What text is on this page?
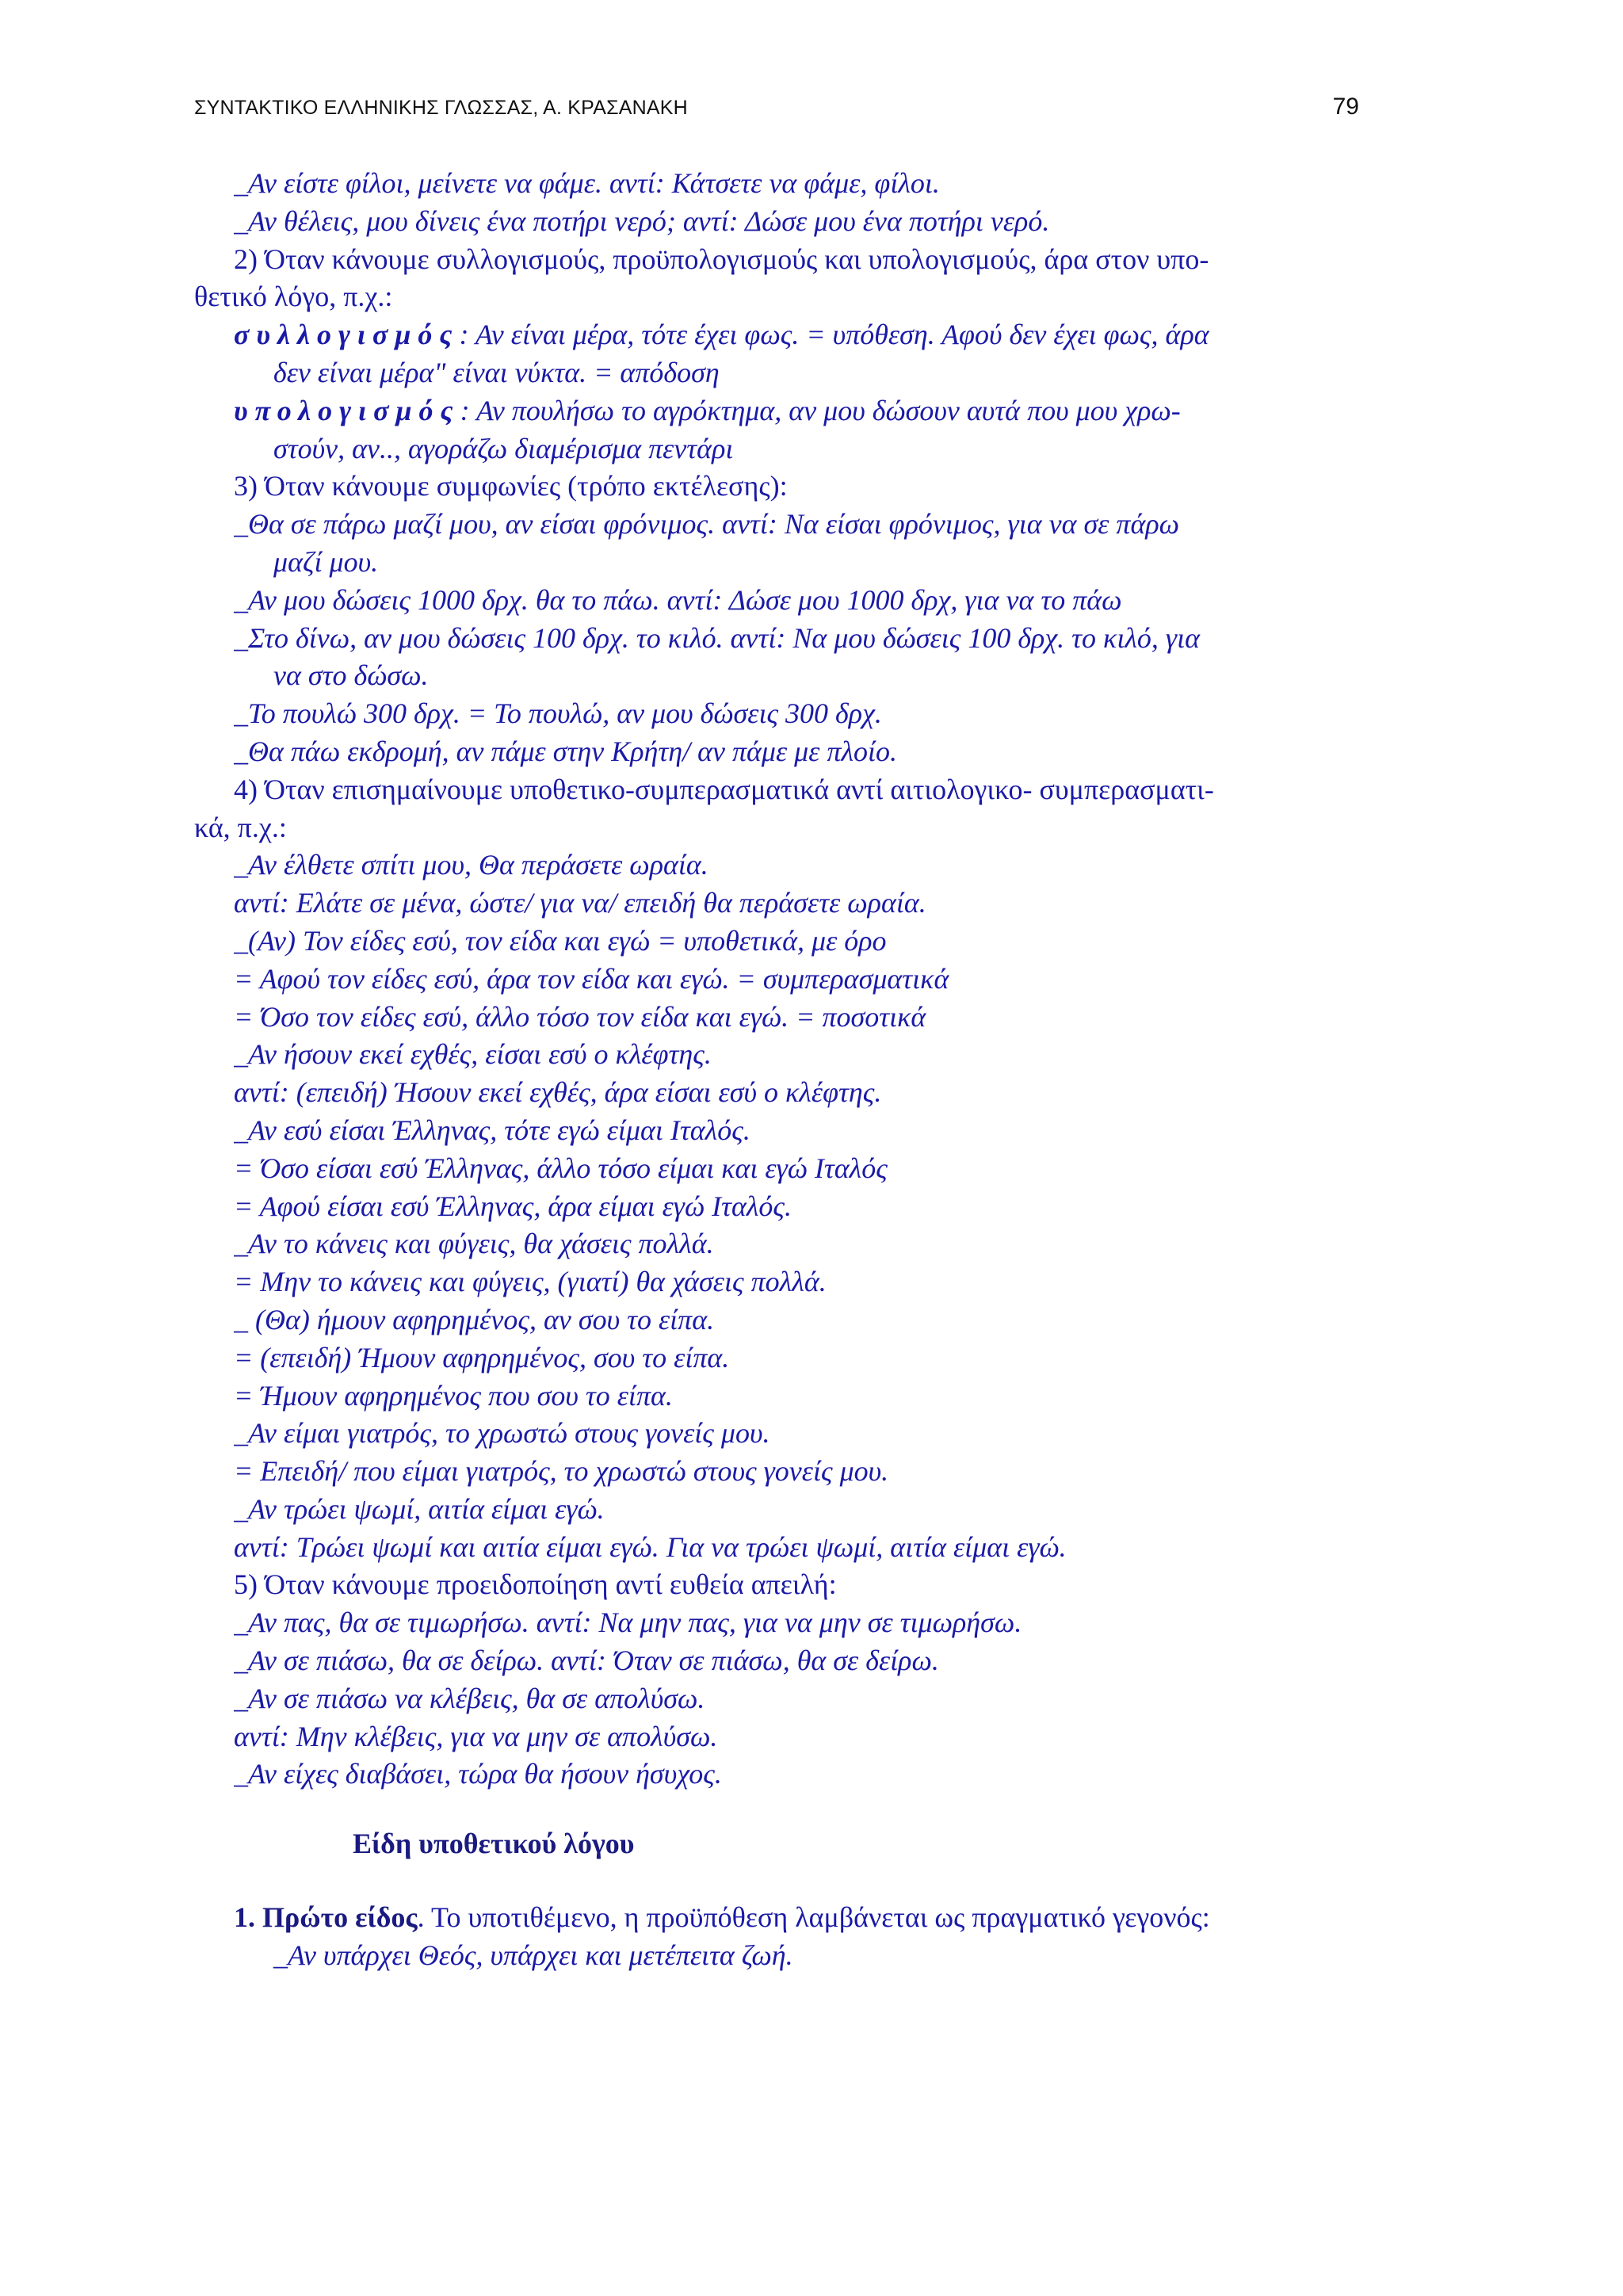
ΣΥΝΤΑΚΤΙΚΟ ΕΛΛΗΝΙΚΗΣ ΓΛΩΣΣΑΣ, Α. ΚΡΑΣΑΝΑΚΗ	79
_Αν είστε φίλοι, μείνετε να φάμε. αντί: Κάτσετε να φάμε, φίλοι.
_Αν θέλεις, μου δίνεις ένα ποτήρι νερό; αντί: Δώσε μου ένα ποτήρι νερό.
2) Όταν κάνουμε συλλογισμούς, προϋπολογισμούς και υπολογισμούς, άρα στον υπο-
θετικό λόγο, π.χ.:
συλλογισμός: Αν είναι μέρα, τότε έχει φως. = υπόθεση. Αφού δεν έχει φως, άρα
δεν είναι μέρα" είναι νύκτα. = απόδοση
υπολογισμός: Αν πουλήσω το αγρόκτημα, αν μου δώσουν αυτά που μου χρω-
στούν, αν.., αγοράζω διαμέρισμα πεντάρι
3) Όταν κάνουμε συμφωνίες (τρόπο εκτέλεσης):
_Θα σε πάρω μαζί μου, αν είσαι φρόνιμος. αντί: Να είσαι φρόνιμος, για να σε πάρω
μαζί μου.
_Αν μου δώσεις 1000 δρχ. θα το πάω. αντί: Δώσε μου 1000 δρχ, για να το πάω
_Στο δίνω, αν μου δώσεις 100 δρχ. το κιλό. αντί: Να μου δώσεις 100 δρχ. το κιλό, για
να στο δώσω.
_Το πουλώ 300 δρχ. = Το πουλώ, αν μου δώσεις 300 δρχ.
_Θα πάω εκδρομή, αν πάμε στην Κρήτη/ αν πάμε με πλοίο.
4) Όταν επισημαίνουμε υποθετικο-συμπερασματικά αντί αιτιολογικο- συμπερασματι-
κά, π.χ.:
_Αν έλθετε σπίτι μου, Θα περάσετε ωραία.
αντί: Ελάτε σε μένα, ώστε/ για να/ επειδή θα περάσετε ωραία.
_(Αν) Τον είδες εσύ, τον είδα και εγώ = υποθετικά, με όρο
= Αφού τον είδες εσύ, άρα τον είδα και εγώ. = συμπερασματικά
= Όσο τον είδες εσύ, άλλο τόσο τον είδα και εγώ. = ποσοτικά
_Αν ήσουν εκεί εχθές, είσαι εσύ ο κλέφτης.
αντί: (επειδή) Ήσουν εκεί εχθές, άρα είσαι εσύ ο κλέφτης.
_Αν εσύ είσαι Έλληνας, τότε εγώ είμαι Ιταλός.
= Όσο είσαι εσύ Έλληνας, άλλο τόσο είμαι και εγώ Ιταλός
= Αφού είσαι εσύ Έλληνας, άρα είμαι εγώ Ιταλός.
_Αν το κάνεις και φύγεις, θα χάσεις πολλά.
= Μην το κάνεις και φύγεις, (γιατί) θα χάσεις πολλά.
_ (Θα) ήμουν αφηρημένος, αν σου το είπα.
= (επειδή) Ήμουν αφηρημένος, σου το είπα.
= Ήμουν αφηρημένος που σου το είπα.
_Αν είμαι γιατρός, το χρωστώ στους γονείς μου.
= Επειδή/ που είμαι γιατρός, το χρωστώ στους γονείς μου.
_Αν τρώει ψωμί, αιτία είμαι εγώ.
αντί: Τρώει ψωμί και αιτία είμαι εγώ. Για να τρώει ψωμί, αιτία είμαι εγώ.
5) Όταν κάνουμε προειδοποίηση αντί ευθεία απειλή:
_Αν πας, θα σε τιμωρήσω. αντί: Να μην πας, για να μην σε τιμωρήσω.
_Αν σε πιάσω, θα σε δείρω. αντί: Όταν σε πιάσω, θα σε δείρω.
_Αν σε πιάσω να κλέβεις, θα σε απολύσω.
αντί: Μην κλέβεις, για να μην σε απολύσω.
_Αν είχες διαβάσει, τώρα θα ήσουν ήσυχος.
Είδη υποθετικού λόγου
1. Πρώτο είδος. Το υποτιθέμενο, η προϋπόθεση λαμβάνεται ως πραγματικό γεγονός:
_Αν υπάρχει Θεός, υπάρχει και μετέπειτα ζωή.
